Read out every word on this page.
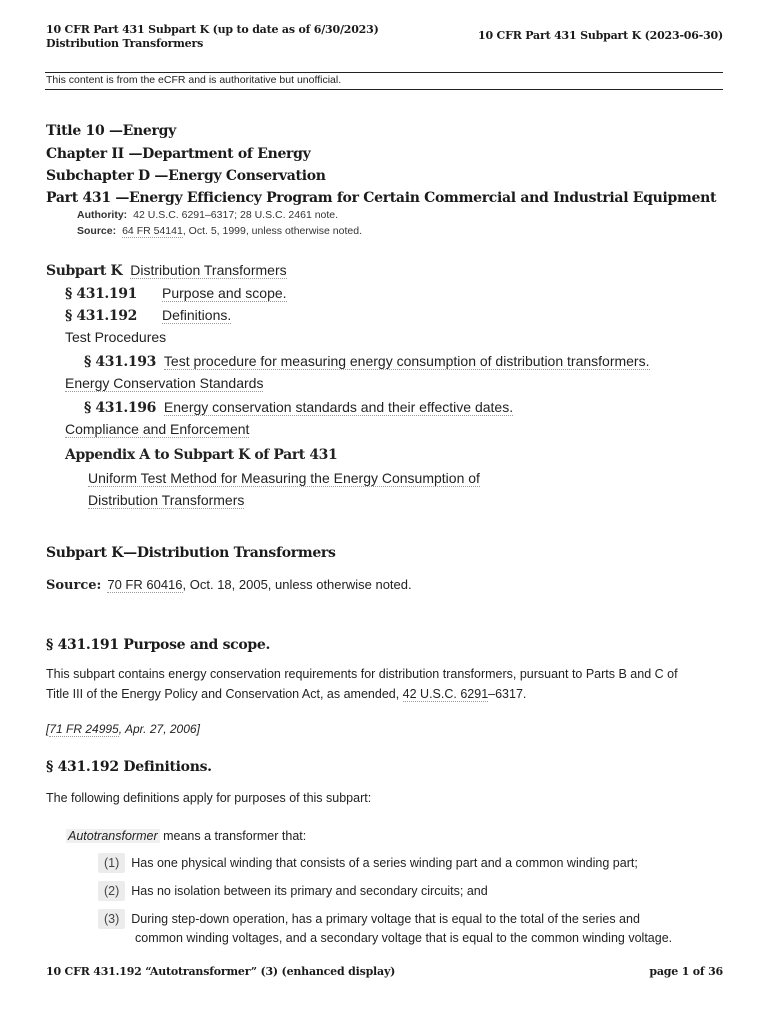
10 CFR Part 431 Subpart K (up to date as of 6/30/2023)
Distribution Transformers
10 CFR Part 431 Subpart K (2023-06-30)
This content is from the eCFR and is authoritative but unofficial.
Title 10 —Energy
Chapter II —Department of Energy
Subchapter D —Energy Conservation
Part 431 —Energy Efficiency Program for Certain Commercial and Industrial Equipment
Authority: 42 U.S.C. 6291–6317; 28 U.S.C. 2461 note.
Source: 64 FR 54141, Oct. 5, 1999, unless otherwise noted.
Subpart K Distribution Transformers
§ 431.191 Purpose and scope.
§ 431.192 Definitions.
Test Procedures
§ 431.193 Test procedure for measuring energy consumption of distribution transformers.
Energy Conservation Standards
§ 431.196 Energy conservation standards and their effective dates.
Compliance and Enforcement
Appendix A to Subpart K of Part 431
Uniform Test Method for Measuring the Energy Consumption of
Distribution Transformers
Subpart K—Distribution Transformers
Source: 70 FR 60416, Oct. 18, 2005, unless otherwise noted.
§ 431.191 Purpose and scope.
This subpart contains energy conservation requirements for distribution transformers, pursuant to Parts B and C of
Title III of the Energy Policy and Conservation Act, as amended, 42 U.S.C. 6291–6317.
[71 FR 24995, Apr. 27, 2006]
§ 431.192 Definitions.
The following definitions apply for purposes of this subpart:
Autotransformer means a transformer that:
(1) Has one physical winding that consists of a series winding part and a common winding part;
(2) Has no isolation between its primary and secondary circuits; and
(3) During step-down operation, has a primary voltage that is equal to the total of the series and
common winding voltages, and a secondary voltage that is equal to the common winding voltage.
10 CFR 431.192 “Autotransformer” (3) (enhanced display)	page 1 of 36
